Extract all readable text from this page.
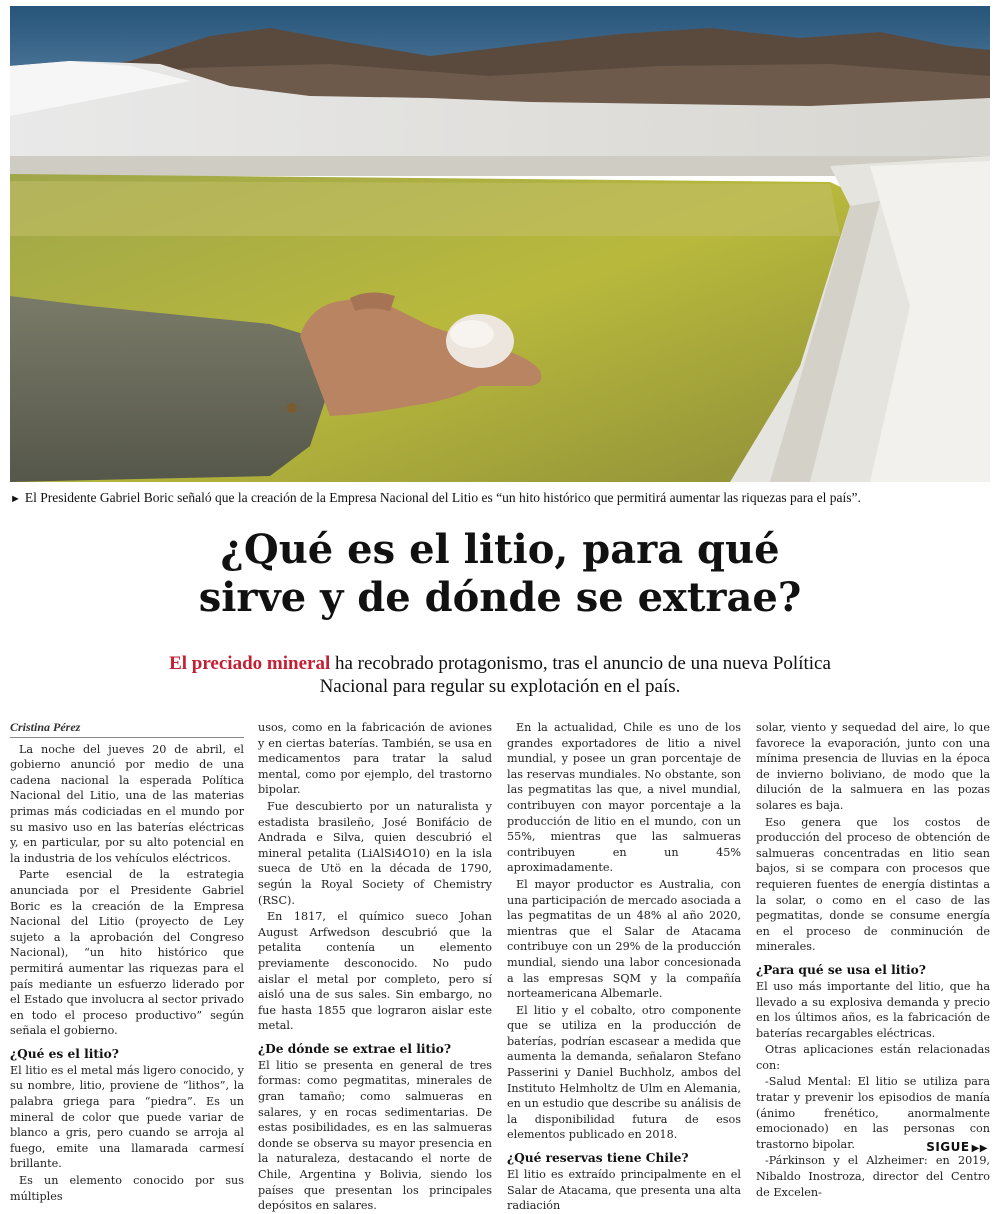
► El Presidente Gabriel Boric señaló que la creación de la Empresa Nacional del Litio es “un hito histórico que permitirá aumentar las riquezas para el país”.
¿Qué es el litio, para qué
sirve y de dónde se extrae?
El preciado mineral ha recobrado protagonismo, tras el anuncio de una nueva Política Nacional para regular su explotación en el país.
Cristina Pérez

La noche del jueves 20 de abril, el gobierno anunció por medio de una cadena nacional la esperada Política Nacional del Litio, una de las materias primas más codiciadas en el mundo por su masivo uso en las baterías eléctricas y, en particular, por su alto potencial en la industria de los vehículos eléctricos.

Parte esencial de la estrategia anunciada por el Presidente Gabriel Boric es la creación de la Empresa Nacional del Litio (proyecto de Ley sujeto a la aprobación del Congreso Nacional), “un hito histórico que permitirá aumentar las riquezas para el país mediante un esfuerzo liderado por el Estado que involucra al sector privado en todo el proceso productivo” según señala el gobierno.

¿Qué es el litio?

El litio es el metal más ligero conocido, y su nombre, litio, proviene de “lithos”, la palabra griega para “piedra”. Es un mineral de color que puede variar de blanco a gris, pero cuando se arroja al fuego, emite una llamarada carmesí brillante.

Es un elemento conocido por sus múltiples

usos, como en la fabricación de aviones y en ciertas baterías. También, se usa en medicamentos para tratar la salud mental, como por ejemplo, del trastorno bipolar.

Fue descubierto por un naturalista y estadista brasileño, José Bonifácio de Andrada e Silva, quien descubrió el mineral petalita (LiAlSi4O10) en la isla sueca de Utö en la década de 1790, según la Royal Society of Chemistry (RSC).

En 1817, el químico sueco Johan August Arfwedson descubrió que la petalita contenía un elemento previamente desconocido. No pudo aislar el metal por completo, pero sí aisló una de sus sales. Sin embargo, no fue hasta 1855 que lograron aislar este metal.

¿De dónde se extrae el litio?

El litio se presenta en general de tres formas: como pegmatitas, minerales de gran tamaño; como salmueras en salares, y en rocas sedimentarias. De estas posibilidades, es en las salmueras donde se observa su mayor presencia en la naturaleza, destacando el norte de Chile, Argentina y Bolivia, siendo los países que presentan los principales depósitos en salares.

En la actualidad, Chile es uno de los grandes exportadores de litio a nivel mundial, y posee un gran porcentaje de las reservas mundiales. No obstante, son las pegmatitas las que, a nivel mundial, contribuyen con mayor porcentaje a la producción de litio en el mundo, con un 55%, mientras que las salmueras contribuyen en un 45% aproximadamente.

El mayor productor es Australia, con una participación de mercado asociada a las pegmatitas de un 48% al año 2020, mientras que el Salar de Atacama contribuye con un 29% de la producción mundial, siendo una labor concesionada a las empresas SQM y la compañía norteamericana Albemarle.

El litio y el cobalto, otro componente que se utiliza en la producción de baterías, podrían escasear a medida que aumenta la demanda, señalaron Stefano Passerini y Daniel Buchholz, ambos del Instituto Helmholtz de Ulm en Alemania, en un estudio que describe su análisis de la disponibilidad futura de esos elementos publicado en 2018.

¿Qué reservas tiene Chile?

El litio es extraído principalmente en el Salar de Atacama, que presenta una alta radiación

solar, viento y sequedad del aire, lo que favorece la evaporación, junto con una mínima presencia de lluvias en la época de invierno boliviano, de modo que la dilución de la salmuera en las pozas solares es baja.

Eso genera que los costos de producción del proceso de obtención de salmueras concentradas en litio sean bajos, si se compara con procesos que requieren fuentes de energía distintas a la solar, o como en el caso de las pegmatitas, donde se consume energía en el proceso de conminución de minerales.

¿Para qué se usa el litio?

El uso más importante del litio, que ha llevado a su explosiva demanda y precio en los últimos años, es la fabricación de baterías recargables eléctricas.

Otras aplicaciones están relacionadas con:

-Salud Mental: El litio se utiliza para tratar y prevenir los episodios de manía (ánimo frenético, anormalmente emocionado) en las personas con trastorno bipolar.

-Párkinson y el Alzheimer: en 2019, Nibaldo Inostroza, director del Centro de Excelen-

SIGUE ▶▶
